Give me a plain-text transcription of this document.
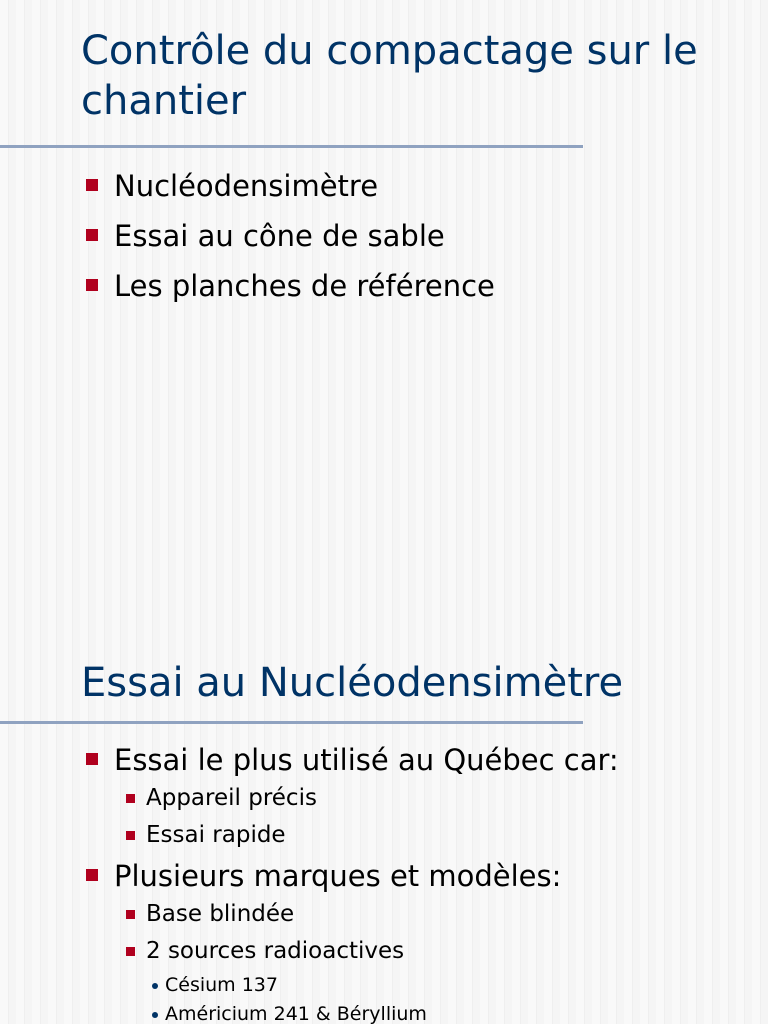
Contrôle du compactage sur le chantier
Nucléodensimètre
Essai au cône de sable
Les planches de référence
Essai au Nucléodensimètre
Essai le plus utilisé au Québec car:
Appareil précis
Essai rapide
Plusieurs marques et modèles:
Base blindée
2 sources radioactives
Césium 137
Américium 241 & Béryllium
